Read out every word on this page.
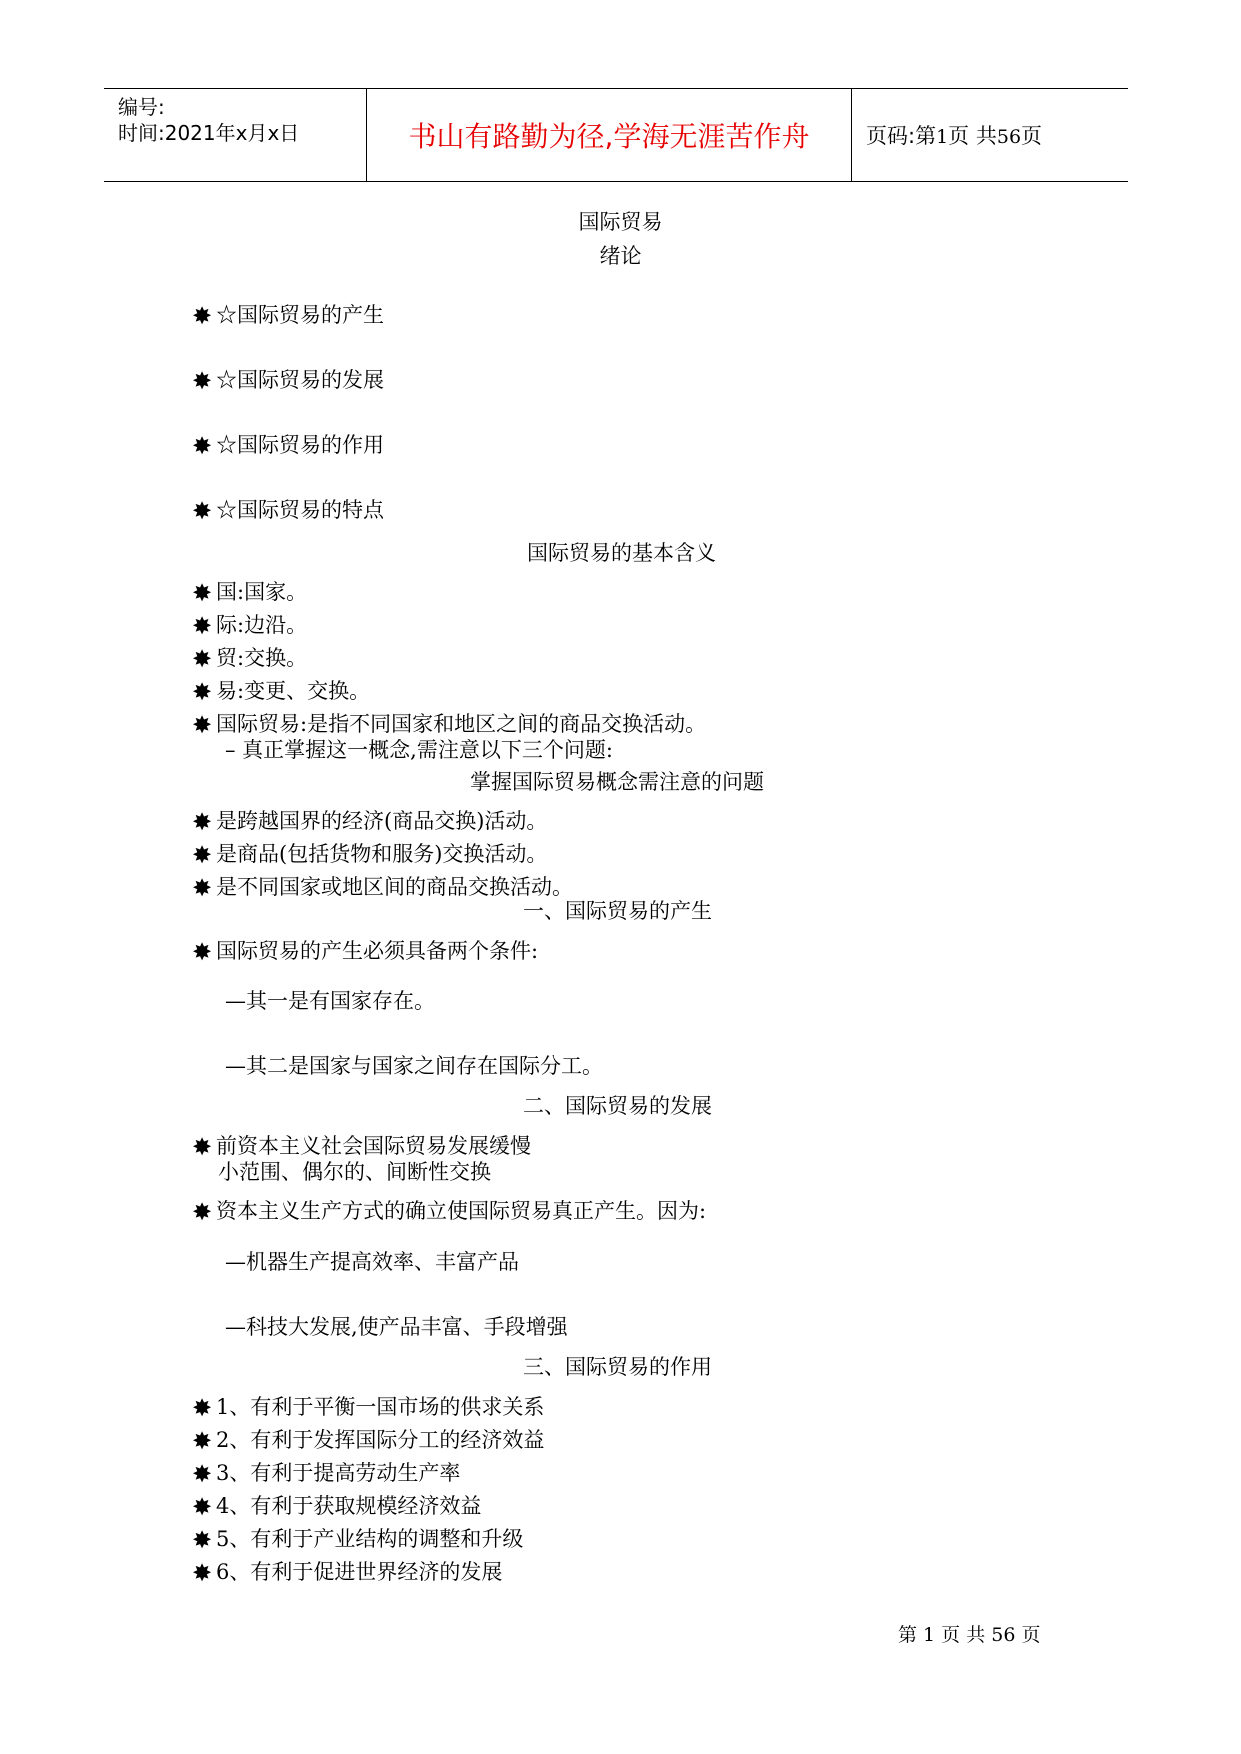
编号:
时间:2021年x月x日	书山有路勤为径,学海无涯苦作舟	页码:第1页 共56页
国际贸易
绪论
✸ ☆国际贸易的产生
✸ ☆国际贸易的发展
✸ ☆国际贸易的作用
✸ ☆国际贸易的特点
国际贸易的基本含义
✸ 国:国家。
✸ 际:边沿。
✸ 贸:交换。
✸ 易:变更、交换。
✸ 国际贸易:是指不同国家和地区之间的商品交换活动。
– 真正掌握这一概念,需注意以下三个问题:
掌握国际贸易概念需注意的问题
✸ 是跨越国界的经济(商品交换)活动。
✸ 是商品(包括货物和服务)交换活动。
✸ 是不同国家或地区间的商品交换活动。
一、国际贸易的产生
✸ 国际贸易的产生必须具备两个条件:
—其一是有国家存在。
—其二是国家与国家之间存在国际分工。
二、国际贸易的发展
✸ 前资本主义社会国际贸易发展缓慢
小范围、偶尔的、间断性交换
✸ 资本主义生产方式的确立使国际贸易真正产生。因为:
—机器生产提高效率、丰富产品
—科技大发展,使产品丰富、手段增强
三、国际贸易的作用
✸ 1、有利于平衡一国市场的供求关系
✸ 2、有利于发挥国际分工的经济效益
✸ 3、有利于提高劳动生产率
✸ 4、有利于获取规模经济效益
✸ 5、有利于产业结构的调整和升级
✸ 6、有利于促进世界经济的发展
第 1 页 共 56 页
